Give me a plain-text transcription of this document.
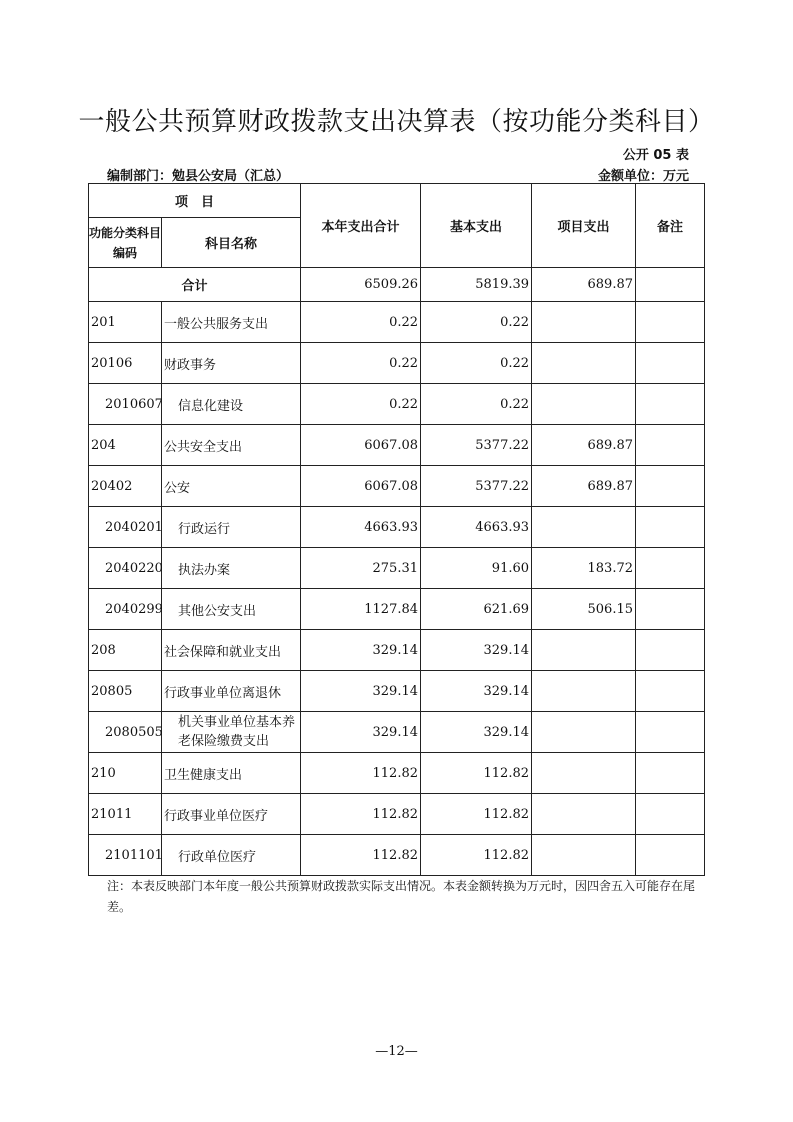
一般公共预算财政拨款支出决算表（按功能分类科目）
公开 05 表
编制部门：勉县公安局（汇总）	金额单位：万元
项　目		本年支出合计	基本支出	项目支出	备注
功能分类科目编码	科目名称				
合计		6509.26	5819.39	689.87	
201	一般公共服务支出	0.22	0.22		
20106	财政事务	0.22	0.22		
2010607	信息化建设	0.22	0.22		
204	公共安全支出	6067.08	5377.22	689.87	
20402	公安	6067.08	5377.22	689.87	
2040201	行政运行	4663.93	4663.93		
2040220	执法办案	275.31	91.60	183.72	
2040299	其他公安支出	1127.84	621.69	506.15	
208	社会保障和就业支出	329.14	329.14		
20805	行政事业单位离退休	329.14	329.14		
2080505	机关事业单位基本养老保险缴费支出	329.14	329.14		
210	卫生健康支出	112.82	112.82		
21011	行政事业单位医疗	112.82	112.82		
2101101	行政单位医疗	112.82	112.82		
注：本表反映部门本年度一般公共预算财政拨款实际支出情况。本表金额转换为万元时，因四舍五入可能存在尾差。
—12—
